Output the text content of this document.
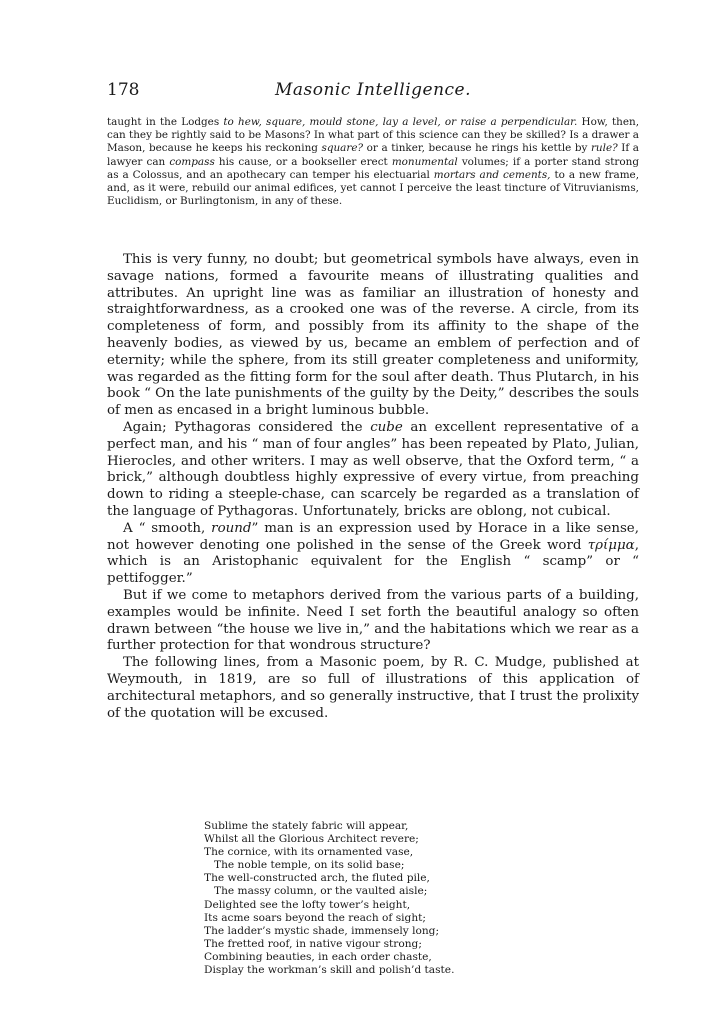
178	Masonic Intelligence.

taught in the Lodges to hew, square, mould stone, lay a level, or raise a perpendicular. How, then, can they be rightly said to be Masons? In what part of this science can they be skilled? Is a drawer a Mason, because he keeps his reckoning square? or a tinker, because he rings his kettle by rule? If a lawyer can compass his cause, or a bookseller erect monumental volumes; if a porter stand strong as a Colossus, and an apothecary can temper his electuarial mortars and cements, to a new frame, and, as it were, rebuild our animal edifices, yet cannot I perceive the least tincture of Vitruvianisms, Euclidism, or Burlingtonism, in any of these.

This is very funny, no doubt; but geometrical symbols have always, even in savage nations, formed a favourite means of illustrating qualities and attributes. An upright line was as familiar an illustration of honesty and straightforwardness, as a crooked one was of the reverse. A circle, from its completeness of form, and possibly from its affinity to the shape of the heavenly bodies, as viewed by us, became an emblem of perfection and of eternity; while the sphere, from its still greater completeness and uniformity, was regarded as the fitting form for the soul after death. Thus Plutarch, in his book “ On the late punishments of the guilty by the Deity,” describes the souls of men as encased in a bright luminous bubble.

Again; Pythagoras considered the cube an excellent representative of a perfect man, and his “ man of four angles” has been repeated by Plato, Julian, Hierocles, and other writers. I may as well observe, that the Oxford term, “ a brick,” although doubtless highly expressive of every virtue, from preaching down to riding a steeple-chase, can scarcely be regarded as a translation of the language of Pythagoras. Unfortunately, bricks are oblong, not cubical.

A “ smooth, round” man is an expression used by Horace in a like sense, not however denoting one polished in the sense of the Greek word τρίμμα, which is an Aristophanic equivalent for the English “ scamp” or “ pettifogger.”

But if we come to metaphors derived from the various parts of a building, examples would be infinite. Need I set forth the beautiful analogy so often drawn between “the house we live in,” and the habitations which we rear as a further protection for that wondrous structure?

The following lines, from a Masonic poem, by R. C. Mudge, published at Weymouth, in 1819, are so full of illustrations of this application of architectural metaphors, and so generally instructive, that I trust the prolixity of the quotation will be excused.

Sublime the stately fabric will appear,
Whilst all the Glorious Architect revere;
The cornice, with its ornamented vase,
The noble temple, on its solid base;
The well-constructed arch, the fluted pile,
The massy column, or the vaulted aisle;
Delighted see the lofty tower’s height,
Its acme soars beyond the reach of sight;
The ladder’s mystic shade, immensely long;
The fretted roof, in native vigour strong;
Combining beauties, in each order chaste,
Display the workman’s skill and polish’d taste.
